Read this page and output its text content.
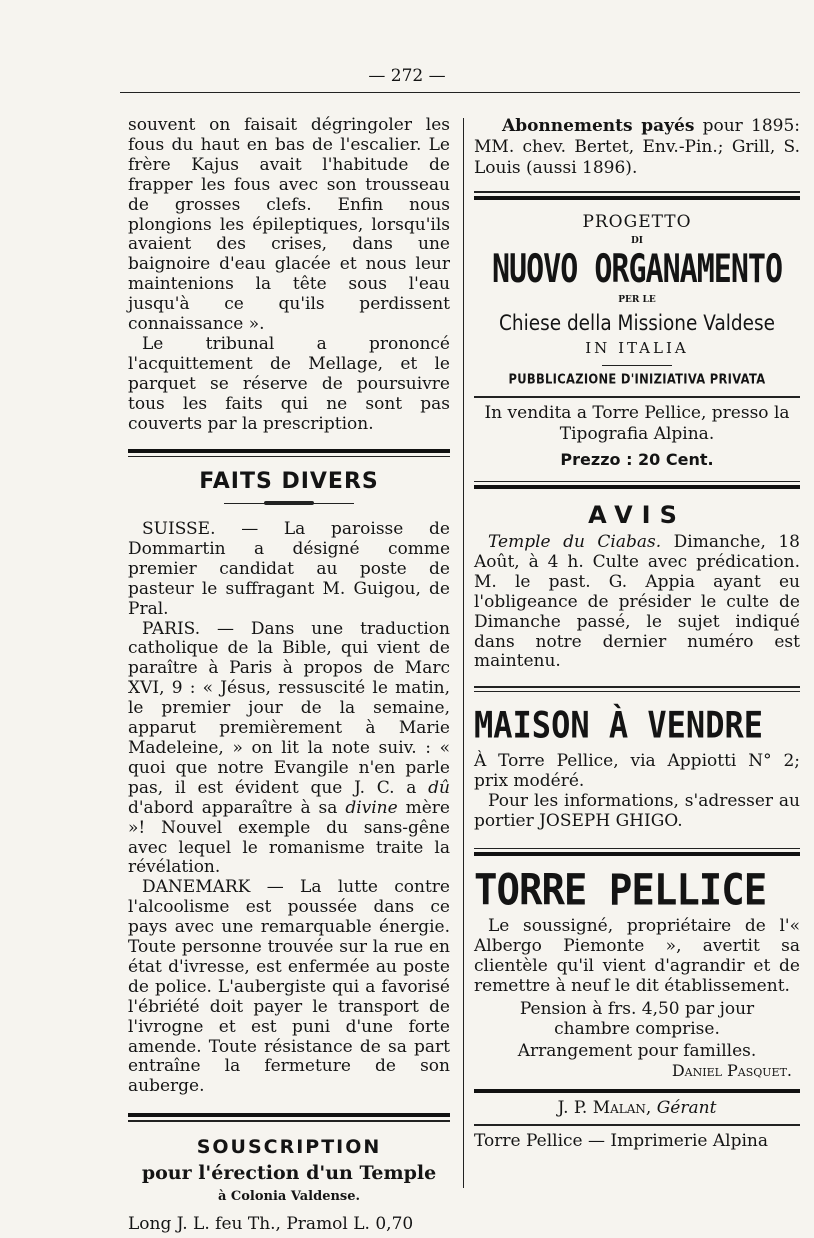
— 272 —

souvent on faisait dégringoler les fous du haut en bas de l'escalier. Le frère Kajus avait l'habitude de frapper les fous avec son trousseau de grosses clefs. Enfin nous plongions les épileptiques, lorsqu'ils avaient des crises, dans une baignoire d'eau glacée et nous leur maintenions la tête sous l'eau jusqu'à ce qu'ils perdissent connaissance ».

Le tribunal a prononcé l'acquittement de Mellage, et le parquet se réserve de poursuivre tous les faits qui ne sont pas couverts par la prescription.

FAITS DIVERS

SUISSE. — La paroisse de Dommartin a désigné comme premier candidat au poste de pasteur le suffragant M. Guigou, de Pral.

PARIS. — Dans une traduction catholique de la Bible, qui vient de paraître à Paris à propos de Marc XVI, 9 : « Jésus, ressuscité le matin, le premier jour de la semaine, apparut premièrement à Marie Madeleine, » on lit la note suiv. : « quoi que notre Evangile n'en parle pas, il est évident que J. C. a dû d'abord apparaître à sa divine mère »! Nouvel exemple du sans-gêne avec lequel le romanisme traite la révélation.

DANEMARK — La lutte contre l'alcoolisme est poussée dans ce pays avec une remarquable énergie. Toute personne trouvée sur la rue en état d'ivresse, est enfermée au poste de police. L'aubergiste qui a favorisé l'ébriété doit payer le transport de l'ivrogne et est puni d'une forte amende. Toute résistance de sa part entraîne la fermeture de son auberge.

SOUSCRIPTION
pour l'érection d'un Temple
à Colonia Valdense.
Long J. L. feu Th., Pramol L. 0,70

Abonnements payés pour 1895: MM. chev. Bertet, Env.-Pin.; Grill, S. Louis (aussi 1896).

PROGETTO
DI
NUOVO ORGANAMENTO
PER LE
Chiese della Missione Valdese
IN ITALIA
PUBBLICAZIONE D'INIZIATIVA PRIVATA

In vendita a Torre Pellice, presso la Tipografia Alpina.

Prezzo : 20 Cent.
AVIS

Temple du Ciabas. Dimanche, 18 Août, à 4 h. Culte avec prédication. M. le past. G. Appia ayant eu l'obligeance de présider le culte de Dimanche passé, le sujet indiqué dans notre dernier numéro est maintenu.

MAISON À VENDRE

À Torre Pellice, via Appiotti N° 2; prix modéré.

Pour les informations, s'adresser au portier JOSEPH GHIGO.

TORRE PELLICE

Le soussigné, propriétaire de l'« Albergo Piemonte », avertit sa clientèle qu'il vient d'agrandir et de remettre à neuf le dit établissement.

Pension à frs. 4,50 par jour
chambre comprise.
Arrangement pour familles.
Daniel Pasquet.
J. P. Malan, Gérant
Torre Pellice — Imprimerie Alpina
